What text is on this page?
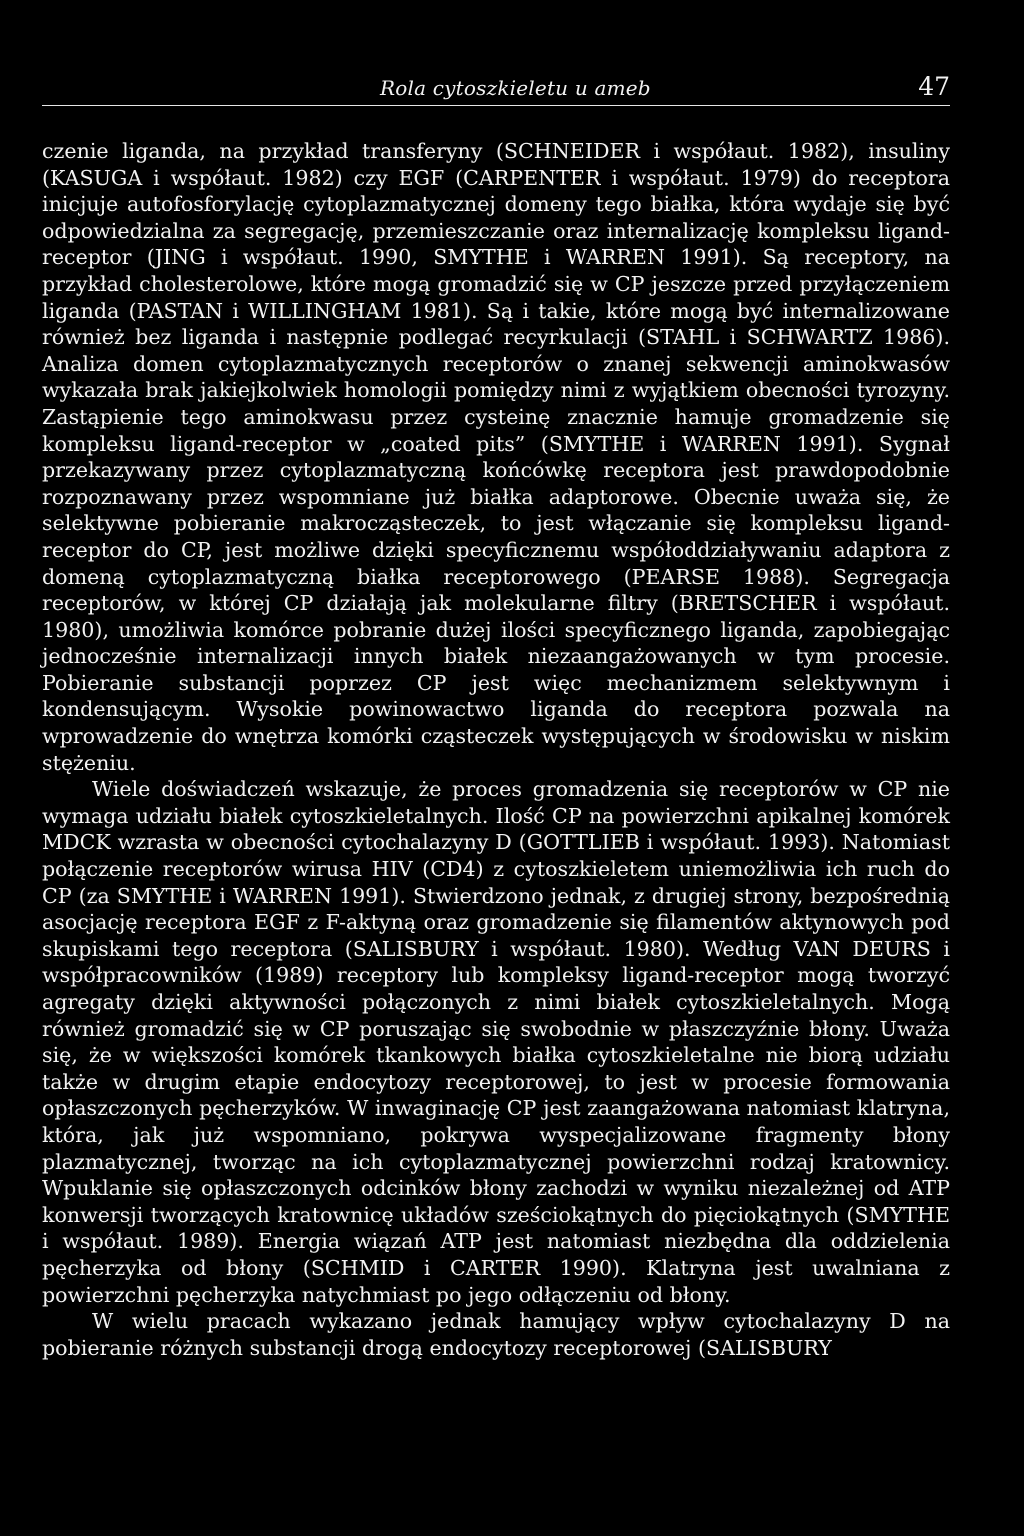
Rola cytoszkieletu u ameb	47

czenie liganda, na przykład transferyny (SCHNEIDER i współaut. 1982), insuliny (KASUGA i współaut. 1982) czy EGF (CARPENTER i współaut. 1979) do receptora inicjuje autofosforylację cytoplazmatycznej domeny tego białka, która wydaje się być odpowiedzialna za segregację, przemieszczanie oraz internalizację kompleksu ligand-receptor (JING i współaut. 1990, SMYTHE i WARREN 1991). Są receptory, na przykład cholesterolowe, które mogą gromadzić się w CP jeszcze przed przyłączeniem liganda (PASTAN i WILLINGHAM 1981). Są i takie, które mogą być internalizowane również bez liganda i następnie podlegać recyrkulacji (STAHL i SCHWARTZ 1986). Analiza domen cytoplazmatycznych receptorów o znanej sekwencji aminokwasów wykazała brak jakiejkolwiek homologii pomiędzy nimi z wyjątkiem obecności tyrozyny. Zastąpienie tego aminokwasu przez cysteinę znacznie hamuje gromadzenie się kompleksu ligand-receptor w „coated pits” (SMYTHE i WARREN 1991). Sygnał przekazywany przez cytoplazmatyczną końcówkę receptora jest prawdopodobnie rozpoznawany przez wspomniane już białka adaptorowe. Obecnie uważa się, że selektywne pobieranie makrocząsteczek, to jest włączanie się kompleksu ligand-receptor do CP, jest możliwe dzięki specyficznemu współoddziaływaniu adaptora z domeną cytoplazmatyczną białka receptorowego (PEARSE 1988). Segregacja receptorów, w której CP działają jak molekularne filtry (BRETSCHER i współaut. 1980), umożliwia komórce pobranie dużej ilości specyficznego liganda, zapobiegając jednocześnie internalizacji innych białek niezaangażowanych w tym procesie. Pobieranie substancji poprzez CP jest więc mechanizmem selektywnym i kondensującym. Wysokie powinowactwo liganda do receptora pozwala na wprowadzenie do wnętrza komórki cząsteczek występujących w środowisku w niskim stężeniu.

Wiele doświadczeń wskazuje, że proces gromadzenia się receptorów w CP nie wymaga udziału białek cytoszkieletalnych. Ilość CP na powierzchni apikalnej komórek MDCK wzrasta w obecności cytochalazyny D (GOTTLIEB i współaut. 1993). Natomiast połączenie receptorów wirusa HIV (CD4) z cytoszkieletem uniemożliwia ich ruch do CP (za SMYTHE i WARREN 1991). Stwierdzono jednak, z drugiej strony, bezpośrednią asocjację receptora EGF z F-aktyną oraz gromadzenie się filamentów aktynowych pod skupiskami tego receptora (SALISBURY i współaut. 1980). Według VAN DEURS i współpracowników (1989) receptory lub kompleksy ligand-receptor mogą tworzyć agregaty dzięki aktywności połączonych z nimi białek cytoszkieletalnych. Mogą również gromadzić się w CP poruszając się swobodnie w płaszczyźnie błony. Uważa się, że w większości komórek tkankowych białka cytoszkieletalne nie biorą udziału także w drugim etapie endocytozy receptorowej, to jest w procesie formowania opłaszczonych pęcherzyków. W inwaginację CP jest zaangażowana natomiast klatryna, która, jak już wspomniano, pokrywa wyspecjalizowane fragmenty błony plazmatycznej, tworząc na ich cytoplazmatycznej powierzchni rodzaj kratownicy. Wpuklanie się opłaszczonych odcinków błony zachodzi w wyniku niezależnej od ATP konwersji tworzących kratownicę układów sześciokątnych do pięciokątnych (SMYTHE i współaut. 1989). Energia wiązań ATP jest natomiast niezbędna dla oddzielenia pęcherzyka od błony (SCHMID i CARTER 1990). Klatryna jest uwalniana z powierzchni pęcherzyka natychmiast po jego odłączeniu od błony.

W wielu pracach wykazano jednak hamujący wpływ cytochalazyny D na pobieranie różnych substancji drogą endocytozy receptorowej (SALISBURY
